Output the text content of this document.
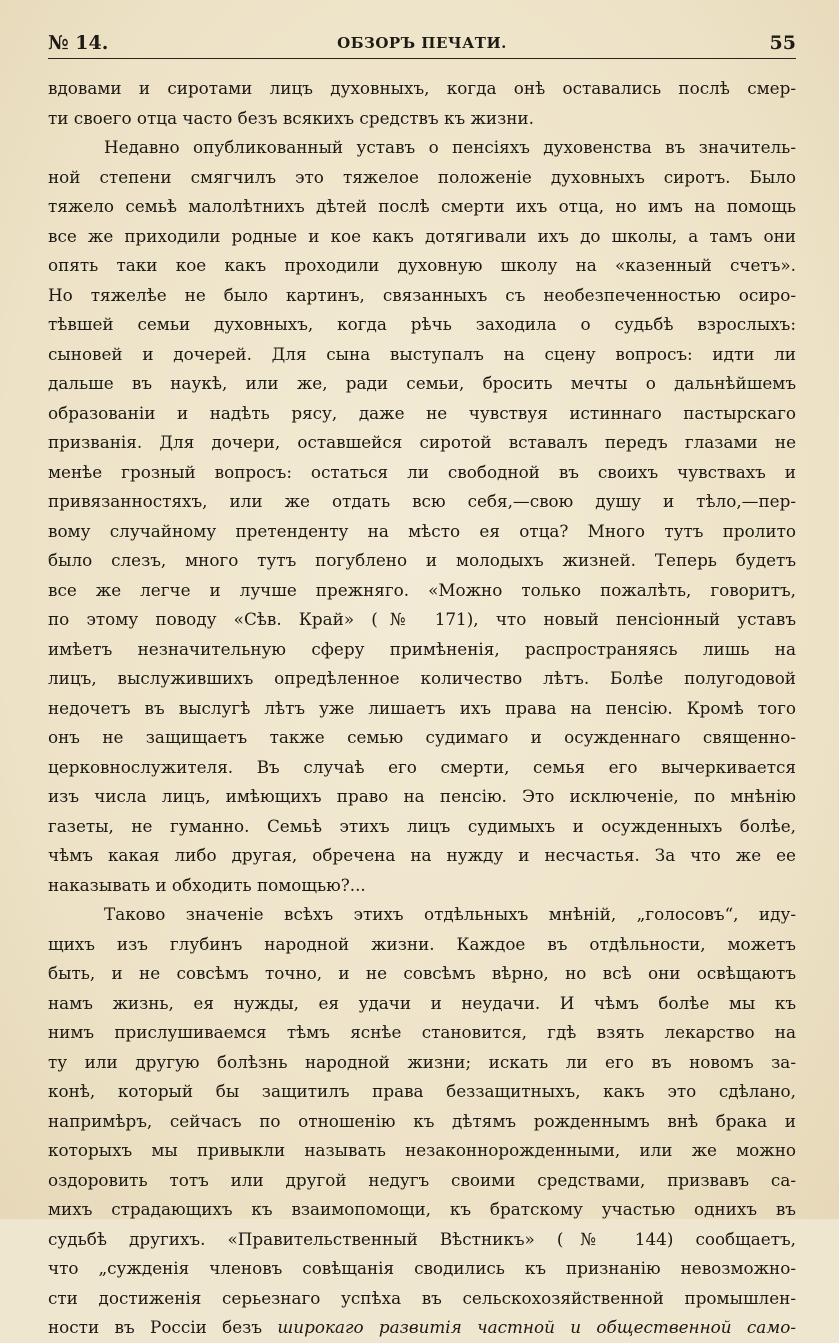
№ 14.	ОБЗОРЪ ПЕЧАТИ.	55
вдовами и сиротами лицъ духовныхъ, когда онѣ оставались послѣ смер-
ти своего отца часто безъ всякихъ средствъ къ жизни.
Недавно опубликованный уставъ о пенсіяхъ духовенства въ значитель-
ной степени смягчилъ это тяжелое положеніе духовныхъ сиротъ. Было
тяжело семьѣ малолѣтнихъ дѣтей послѣ смерти ихъ отца, но имъ на помощь
все же приходили родные и кое какъ дотягивали ихъ до школы, а тамъ они
опять таки кое какъ проходили духовную школу на «казенный счетъ».
Но тяжелѣе не было картинъ, связанныхъ съ необезпеченностью осиро-
тѣвшей семьи духовныхъ, когда рѣчь заходила о судьбѣ взрослыхъ:
сыновей и дочерей. Для сына выступалъ на сцену вопросъ: идти ли
дальше въ наукѣ, или же, ради семьи, бросить мечты о дальнѣйшемъ
образованіи и надѣть рясу, даже не чувствуя истиннаго пастырскаго
призванія. Для дочери, оставшейся сиротой вставалъ передъ глазами не
менѣе грозный вопросъ: остаться ли свободной въ своихъ чувствахъ и
привязанностяхъ, или же отдать всю себя,—свою душу и тѣло,—пер-
вому случайному претенденту на мѣсто ея отца? Много тутъ пролито
было слезъ, много тутъ погублено и молодыхъ жизней. Теперь будетъ
все же легче и лучше прежняго. «Можно только пожалѣть, говоритъ,
по этому поводу «Сѣв. Край» (№ 171), что новый пенсіонный уставъ
имѣетъ незначительную сферу примѣненія, распространяясь лишь на
лицъ, выслужившихъ опредѣленное количество лѣтъ. Болѣе полугодовой
недочетъ въ выслугѣ лѣтъ уже лишаетъ ихъ права на пенсію. Кромѣ того
онъ не защищаетъ также семью судимаго и осужденнаго священно-
церковнослужителя. Въ случаѣ его смерти, семья его вычеркивается
изъ числа лицъ, имѣющихъ право на пенсію. Это исключеніе, по мнѣнію
газеты, не гуманно. Семьѣ этихъ лицъ судимыхъ и осужденныхъ болѣе,
чѣмъ какая либо другая, обречена на нужду и несчастья. За что же ее
наказывать и обходить помощью?...
Таково значеніе всѣхъ этихъ отдѣльныхъ мнѣній, „голосовъ“, иду-
щихъ изъ глубинъ народной жизни. Каждое въ отдѣльности, можетъ
быть, и не совсѣмъ точно, и не совсѣмъ вѣрно, но всѣ они освѣщаютъ
намъ жизнь, ея нужды, ея удачи и неудачи. И чѣмъ болѣе мы къ
нимъ прислушиваемся тѣмъ яснѣе становится, гдѣ взять лекарство на
ту или другую болѣзнь народной жизни; искать ли его въ новомъ за-
конѣ, который бы защитилъ права беззащитныхъ, какъ это сдѣлано,
напримѣръ, сейчасъ по отношенію къ дѣтямъ рожденнымъ внѣ брака и
которыхъ мы привыкли называть незаконнорожденными, или же можно
оздоровить тотъ или другой недугъ своими средствами, призвавъ са-
михъ страдающихъ къ взаимопомощи, къ братскому участью однихъ въ
судьбѣ другихъ. «Правительственный Вѣстникъ» (№ 144) сообщаетъ,
что „сужденія членовъ совѣщанія сводились къ признанію невозможно-
сти достиженія серьезнаго успѣха въ сельскохозяйственной промышлен-
ности въ Россіи безъ широкаго развитія частной и общественной само-
